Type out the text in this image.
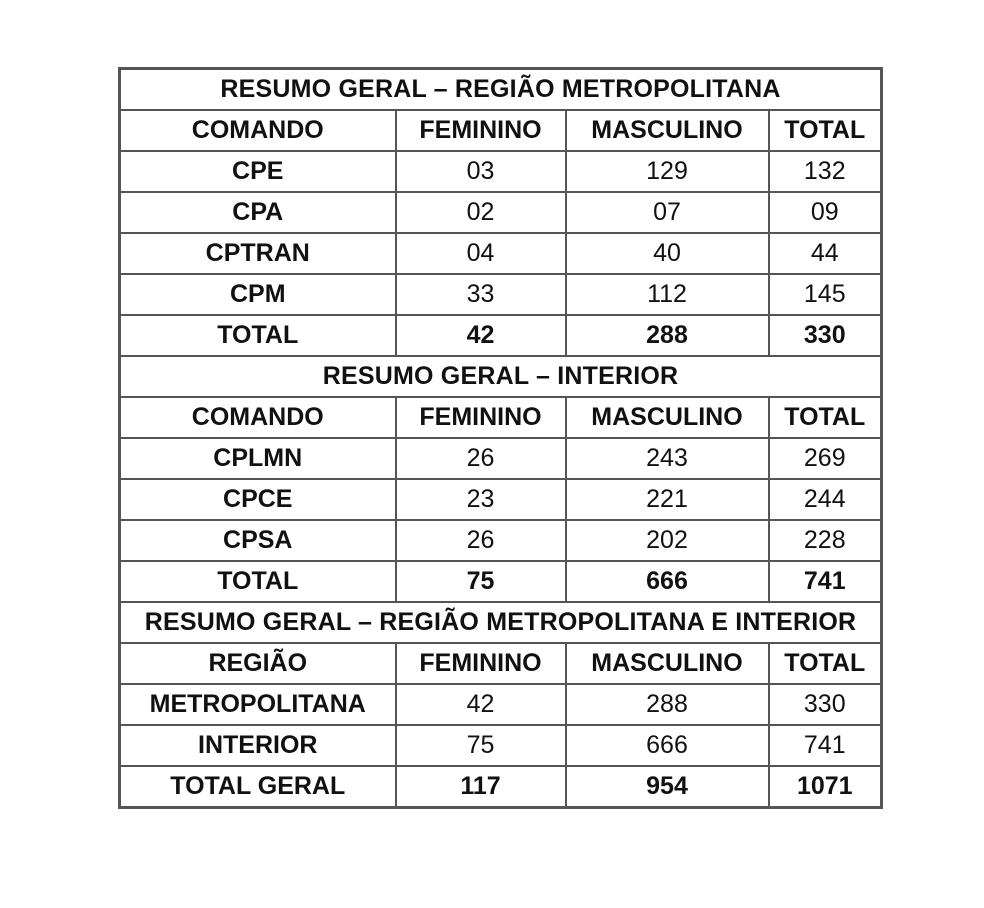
RESUMO GERAL – REGIÃO METROPOLITANA			
COMANDO	FEMININO	MASCULINO	TOTAL
CPE	03	129	132
CPA	02	07	09
CPTRAN	04	40	44
CPM	33	112	145
TOTAL	42	288	330
RESUMO GERAL – INTERIOR			
COMANDO	FEMININO	MASCULINO	TOTAL
CPLMN	26	243	269
CPCE	23	221	244
CPSA	26	202	228
TOTAL	75	666	741
RESUMO GERAL – REGIÃO METROPOLITANA E INTERIOR			
REGIÃO	FEMININO	MASCULINO	TOTAL
METROPOLITANA	42	288	330
INTERIOR	75	666	741
TOTAL GERAL	117	954	1071
